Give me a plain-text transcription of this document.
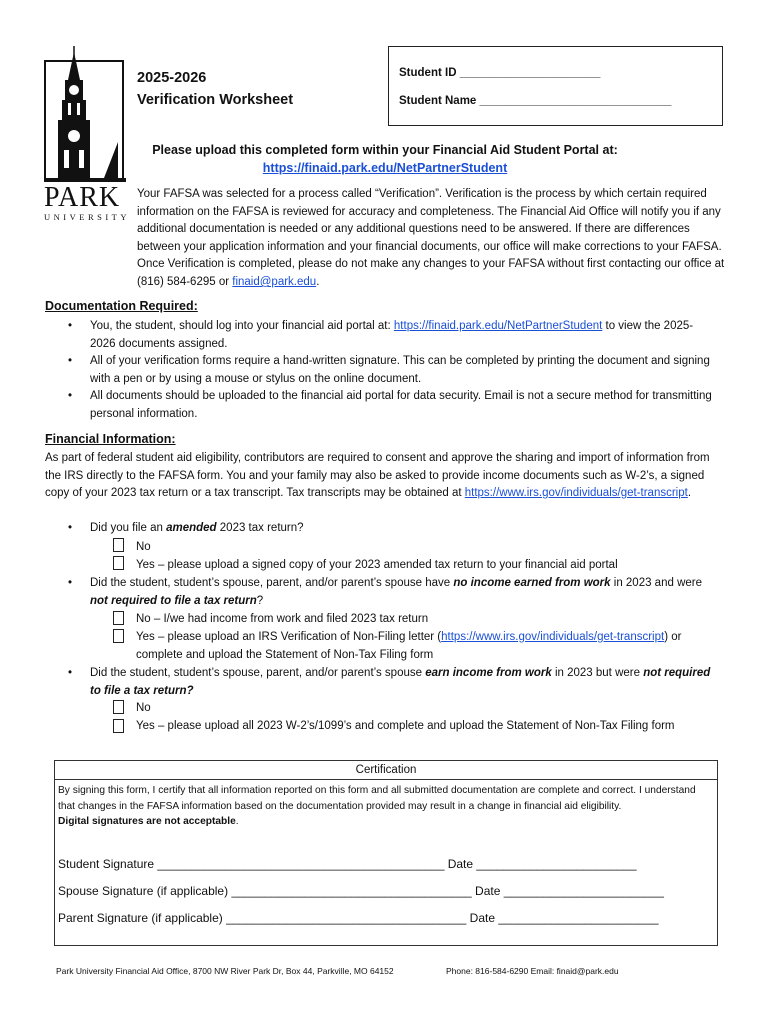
PARK
UNIVERSITY
2025-2026
Verification Worksheet
Student ID ______________________
Student Name ______________________________
Please upload this completed form within your Financial Aid Student Portal at:
https://finaid.park.edu/NetPartnerStudent
Your FAFSA was selected for a process called “Verification”. Verification is the process by which certain required information on the FAFSA is reviewed for accuracy and completeness. The Financial Aid Office will notify you if any additional documentation is needed or any additional questions need to be answered. If there are differences between your application information and your financial documents, our office will make corrections to your FAFSA. Once Verification is completed, please do not make any changes to your FAFSA without first contacting our office at (816) 584-6295 or finaid@park.edu.
Documentation Required:
• You, the student, should log into your financial aid portal at: https://finaid.park.edu/NetPartnerStudent to view the 2025-2026 documents assigned.
• All of your verification forms require a hand-written signature. This can be completed by printing the document and signing with a pen or by using a mouse or stylus on the online document.
• All documents should be uploaded to the financial aid portal for data security. Email is not a secure method for transmitting personal information.
Financial Information:
As part of federal student aid eligibility, contributors are required to consent and approve the sharing and import of information from the IRS directly to the FAFSA form. You and your family may also be asked to provide income documents such as W-2’s, a signed copy of your 2023 tax return or a tax transcript. Tax transcripts may be obtained at https://www.irs.gov/individuals/get-transcript.
• Did you file an amended 2023 tax return?
No
Yes – please upload a signed copy of your 2023 amended tax return to your financial aid portal
• Did the student, student’s spouse, parent, and/or parent’s spouse have no income earned from work in 2023 and were not required to file a tax return?
No – I/we had income from work and filed 2023 tax return
Yes – please upload an IRS Verification of Non-Filing letter (https://www.irs.gov/individuals/get-transcript) or complete and upload the Statement of Non-Tax Filing form
• Did the student, student’s spouse, parent, and/or parent’s spouse earn income from work in 2023 but were not required to file a tax return?
No
Yes – please upload all 2023 W-2’s/1099’s and complete and upload the Statement of Non-Tax Filing form
Certification
By signing this form, I certify that all information reported on this form and all submitted documentation are complete and correct. I understand that changes in the FAFSA information based on the documentation provided may result in a change in financial aid eligibility.
Digital signatures are not acceptable.
Student Signature ___________________________________________ Date ________________________
Spouse Signature (if applicable) ____________________________________ Date ________________________
Parent Signature (if applicable) ____________________________________ Date ________________________
Park University Financial Aid Office, 8700 NW River Park Dr, Box 44, Parkville, MO 64152	Phone: 816-584-6290 Email: finaid@park.edu
